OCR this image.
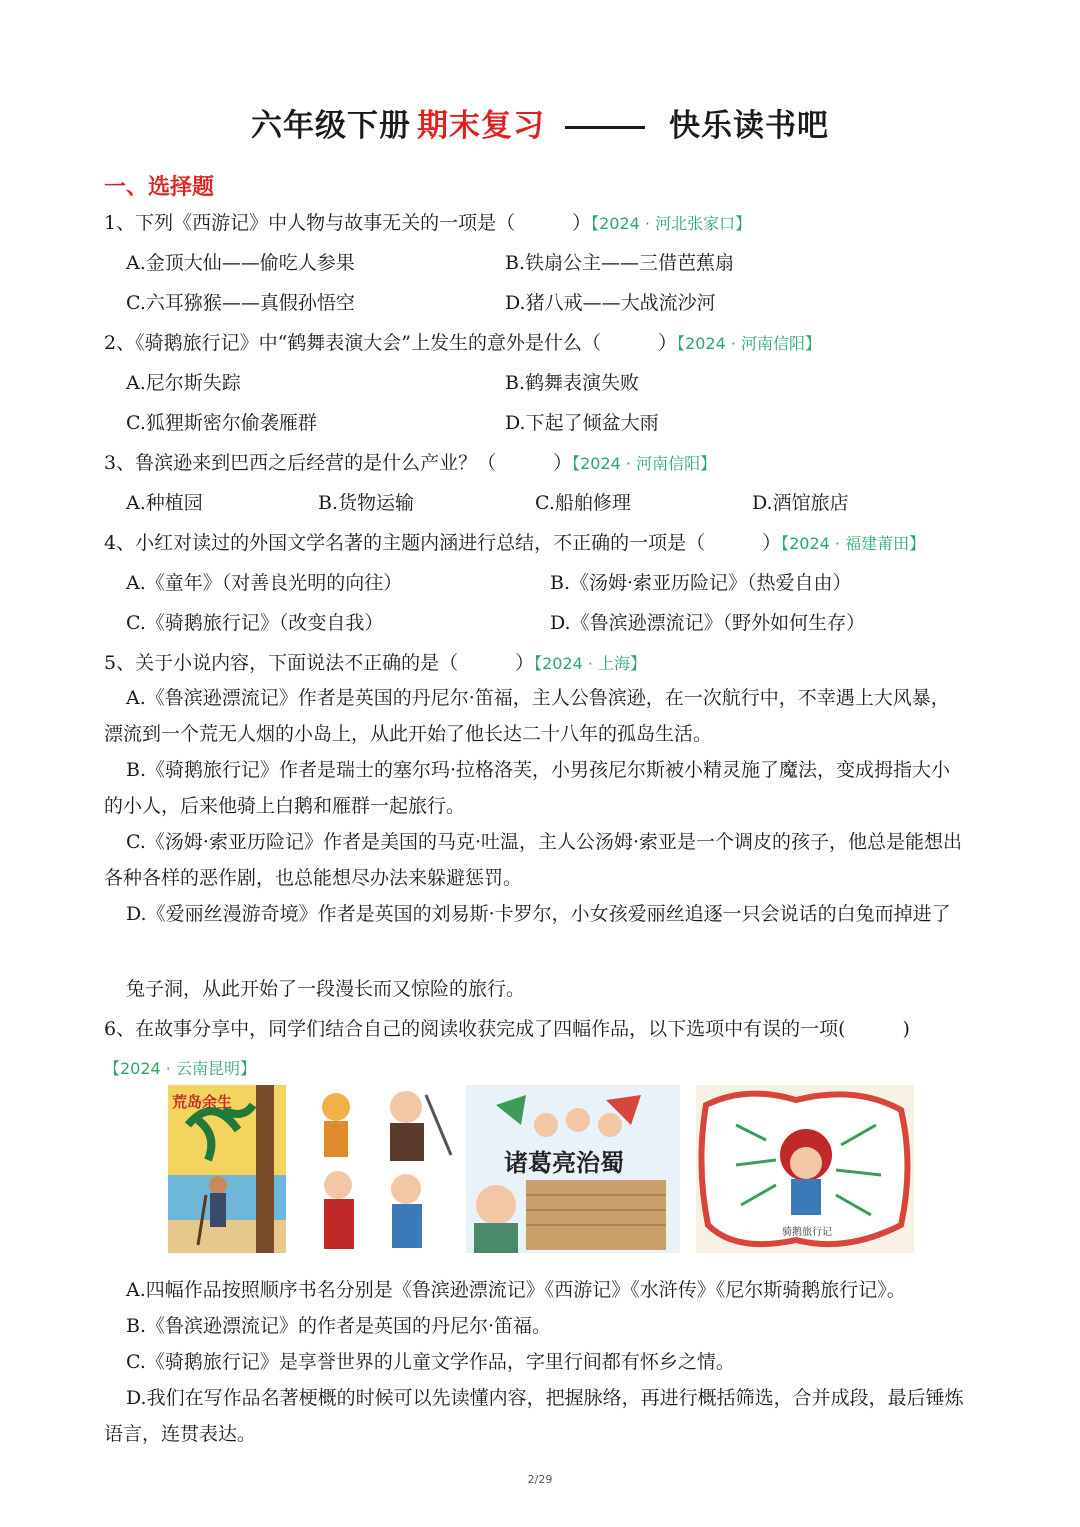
六年级下册 期末复习	快乐读书吧
一、选择题
1、下列《西游记》中人物与故事无关的一项是（　　　）【2024 · 河北张家口】
A.金顶大仙——偷吃人参果	B.铁扇公主——三借芭蕉扇
C.六耳猕猴——真假孙悟空	D.猪八戒——大战流沙河
2、《骑鹅旅行记》中“鹤舞表演大会”上发生的意外是什么（　　　）【2024 · 河南信阳】
A.尼尔斯失踪	B.鹤舞表演失败
C.狐狸斯密尔偷袭雁群	D.下起了倾盆大雨
3、鲁滨逊来到巴西之后经营的是什么产业？（　　　）【2024 · 河南信阳】
A.种植园	B.货物运输	C.船舶修理	D.酒馆旅店
4、小红对读过的外国文学名著的主题内涵进行总结，不正确的一项是（　　　）【2024 · 福建莆田】
A.《童年》（对善良光明的向往）	B.《汤姆·索亚历险记》（热爱自由）
C.《骑鹅旅行记》（改变自我）	D.《鲁滨逊漂流记》（野外如何生存）
5、关于小说内容，下面说法不正确的是（　　　）【2024 · 上海】
A.《鲁滨逊漂流记》作者是英国的丹尼尔·笛福，主人公鲁滨逊，在一次航行中，不幸遇上大风暴，漂流到一个荒无人烟的小岛上，从此开始了他长达二十八年的孤岛生活。
B.《骑鹅旅行记》作者是瑞士的塞尔玛·拉格洛芙，小男孩尼尔斯被小精灵施了魔法，变成拇指大小的小人，后来他骑上白鹅和雁群一起旅行。
C.《汤姆·索亚历险记》作者是美国的马克·吐温，主人公汤姆·索亚是一个调皮的孩子，他总是能想出各种各样的恶作剧，也总能想尽办法来躲避惩罚。
D.《爱丽丝漫游奇境》作者是英国的刘易斯·卡罗尔，小女孩爱丽丝追逐一只会说话的白兔而掉进了
兔子洞，从此开始了一段漫长而又惊险的旅行。
6、在故事分享中，同学们结合自己的阅读收获完成了四幅作品，以下选项中有误的一项(　　　)
【2024 · 云南昆明】
荒岛余生
诸葛亮治蜀
骑鹅旅行记
A.四幅作品按照顺序书名分别是《鲁滨逊漂流记》《西游记》《水浒传》《尼尔斯骑鹅旅行记》。
B.《鲁滨逊漂流记》的作者是英国的丹尼尔·笛福。
C.《骑鹅旅行记》是享誉世界的儿童文学作品，字里行间都有怀乡之情。
D.我们在写作品名著梗概的时候可以先读懂内容，把握脉络，再进行概括筛选，合并成段，最后锤炼语言，连贯表达。
2/29
